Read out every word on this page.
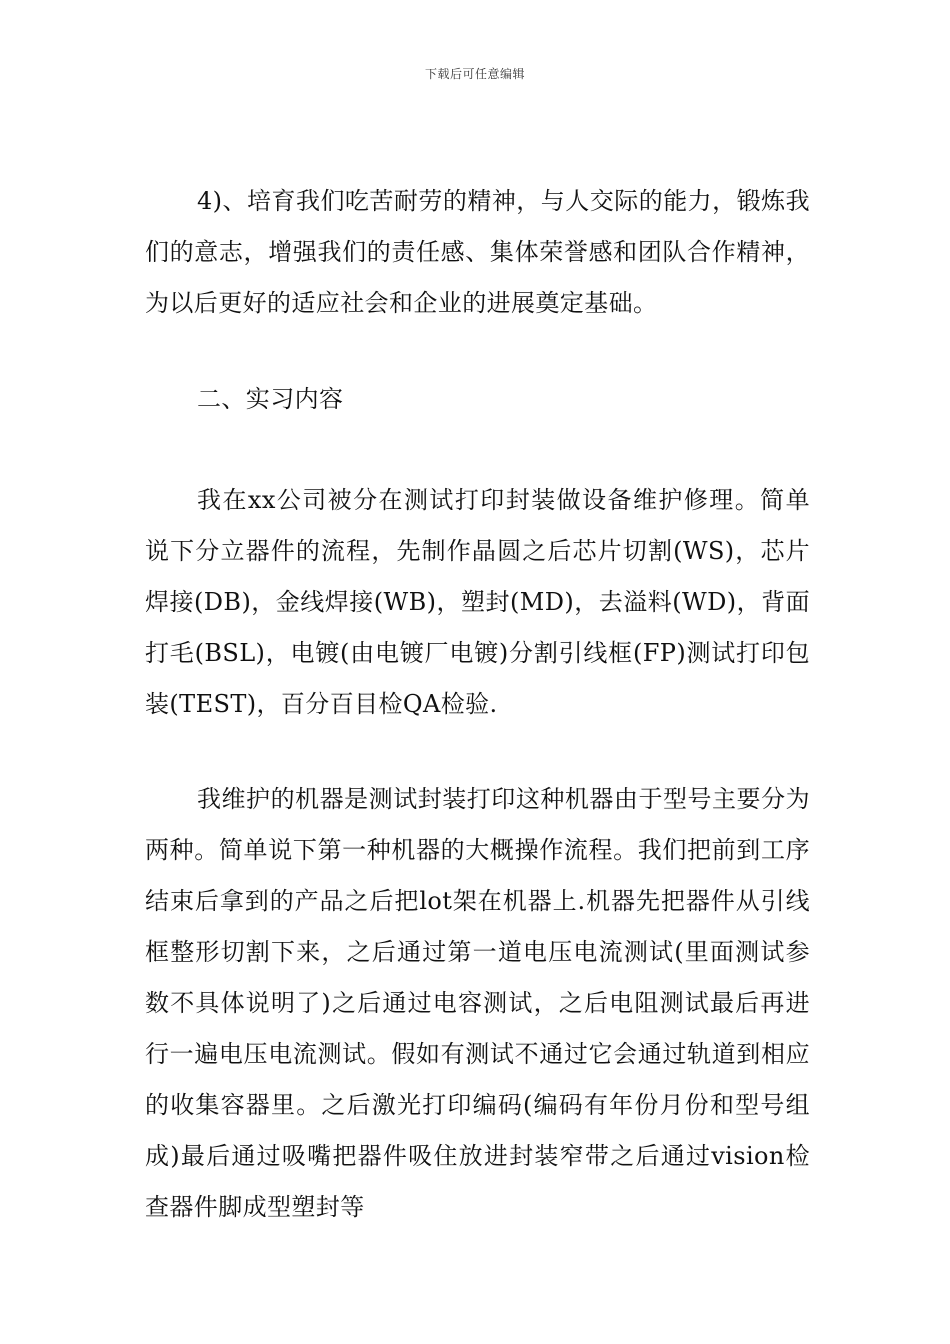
下载后可任意编辑

4)、培育我们吃苦耐劳的精神，与人交际的能力，锻炼我们的意志，增强我们的责任感、集体荣誉感和团队合作精神，为以后更好的适应社会和企业的进展奠定基础。

二、实习内容

我在xx公司被分在测试打印封装做设备维护修理。简单说下分立器件的流程，先制作晶圆之后芯片切割(WS)，芯片焊接(DB)，金线焊接(WB)，塑封(MD)，去溢料(WD)，背面打毛(BSL)，电镀(由电镀厂电镀)分割引线框(FP)测试打印包装(TEST)，百分百目检QA检验.

我维护的机器是测试封装打印这种机器由于型号主要分为两种。简单说下第一种机器的大概操作流程。我们把前到工序结束后拿到的产品之后把lot架在机器上.机器先把器件从引线框整形切割下来，之后通过第一道电压电流测试(里面测试参数不具体说明了)之后通过电容测试，之后电阻测试最后再进行一遍电压电流测试。假如有测试不通过它会通过轨道到相应的收集容器里。之后激光打印编码(编码有年份月份和型号组成)最后通过吸嘴把器件吸住放进封装窄带之后通过vision检查器件脚成型塑封等
